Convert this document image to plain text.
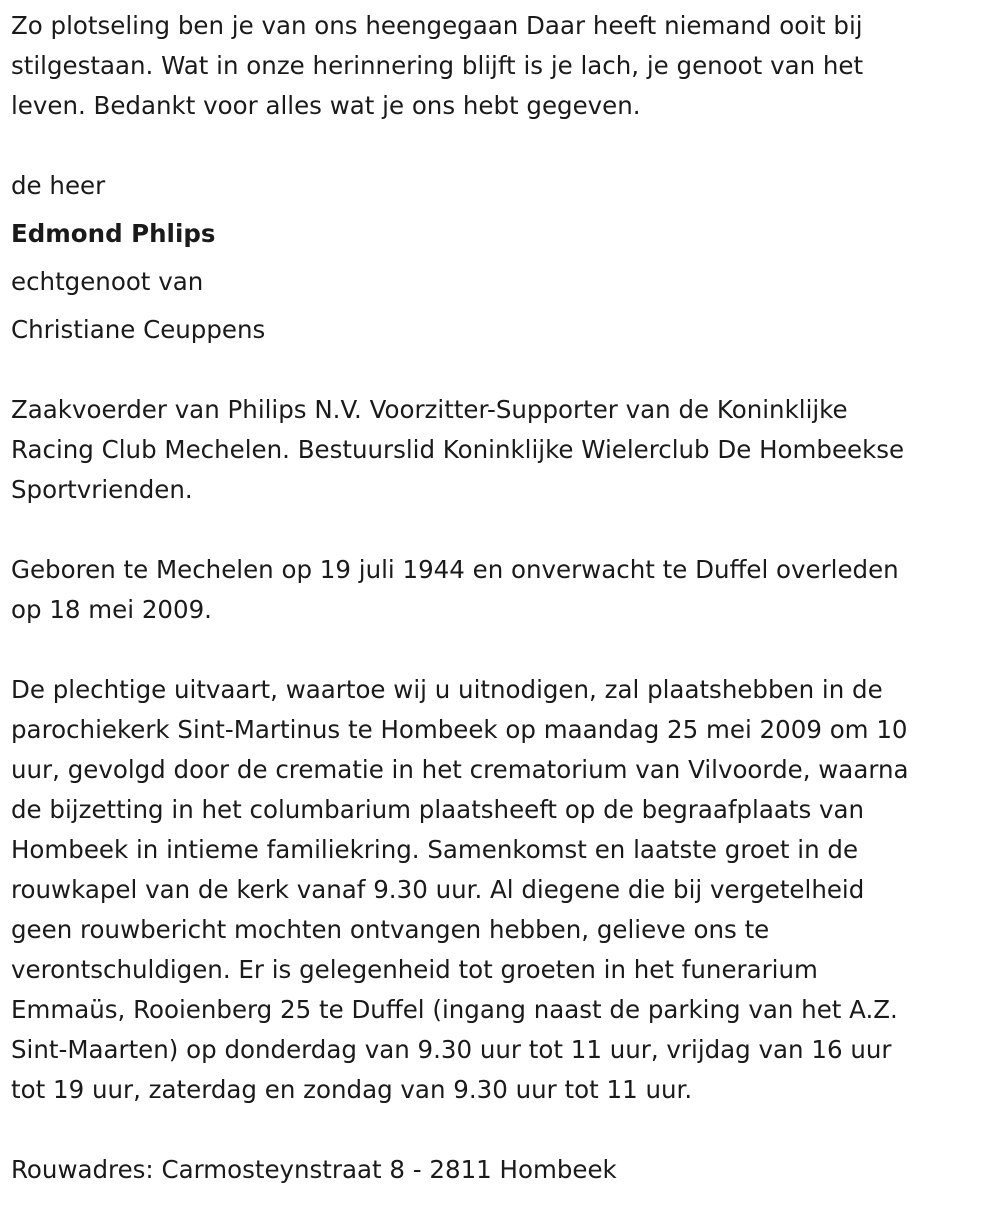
Zo plotseling ben je van ons heengegaan Daar heeft niemand ooit bij
stilgestaan. Wat in onze herinnering blijft is je lach, je genoot van het
leven. Bedankt voor alles wat je ons hebt gegeven.

de heer

Edmond Phlips

echtgenoot van

Christiane Ceuppens

Zaakvoerder van Philips N.V. Voorzitter-Supporter van de Koninklijke
Racing Club Mechelen. Bestuurslid Koninklijke Wielerclub De Hombeekse
Sportvrienden.

Geboren te Mechelen op 19 juli 1944 en onverwacht te Duffel overleden
op 18 mei 2009.

De plechtige uitvaart, waartoe wij u uitnodigen, zal plaatshebben in de
parochiekerk Sint-Martinus te Hombeek op maandag 25 mei 2009 om 10
uur, gevolgd door de crematie in het crematorium van Vilvoorde, waarna
de bijzetting in het columbarium plaatsheeft op de begraafplaats van
Hombeek in intieme familiekring. Samenkomst en laatste groet in de
rouwkapel van de kerk vanaf 9.30 uur. Al diegene die bij vergetelheid
geen rouwbericht mochten ontvangen hebben, gelieve ons te
verontschuldigen. Er is gelegenheid tot groeten in het funerarium
Emmaüs, Rooienberg 25 te Duffel (ingang naast de parking van het A.Z.
Sint-Maarten) op donderdag van 9.30 uur tot 11 uur, vrijdag van 16 uur
tot 19 uur, zaterdag en zondag van 9.30 uur tot 11 uur.

Rouwadres: Carmosteynstraat 8 - 2811 Hombeek
